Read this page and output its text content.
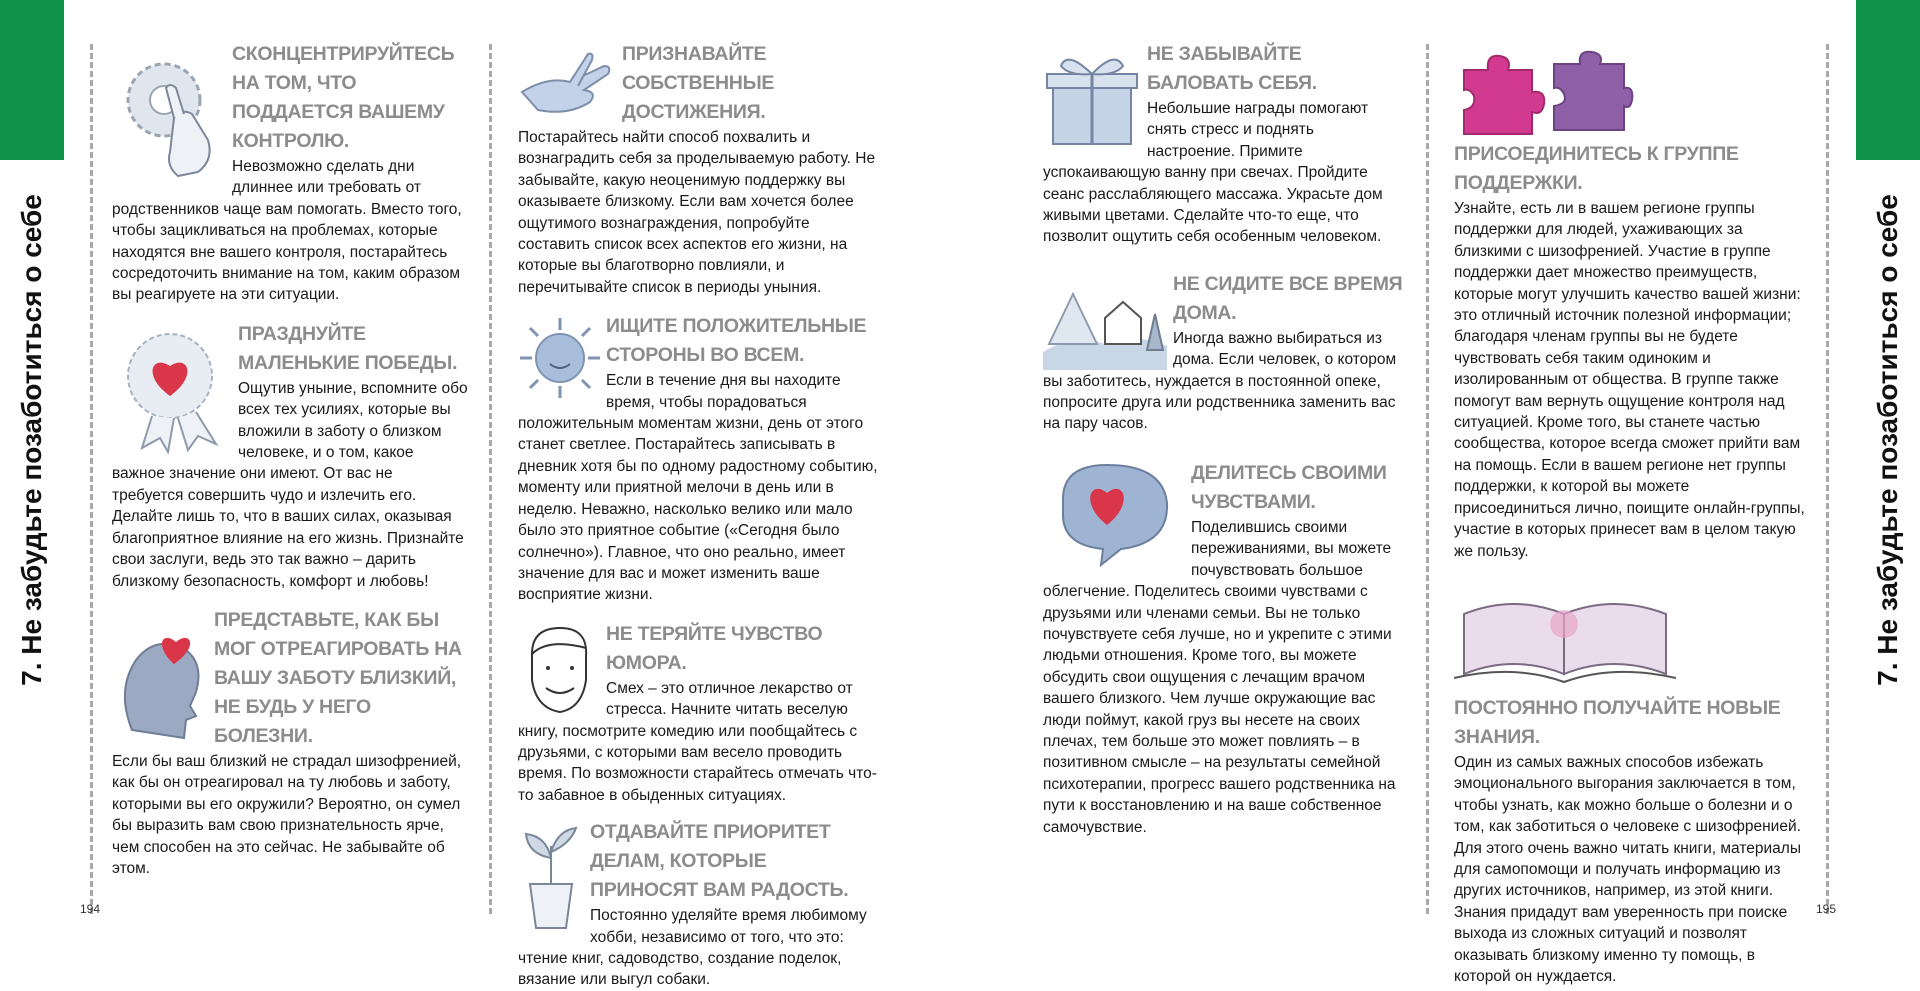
7. Не забудьте позаботиться о себе
СКОНЦЕНТРИРУЙТЕСЬ НА ТОМ, ЧТО ПОДДАЕТСЯ ВАШЕМУ КОНТРОЛЮ.
Невозможно сделать дни длиннее или требовать от родственников чаще вам помогать. Вместо того, чтобы зацикливаться на проблемах, которые находятся вне вашего контроля, постарайтесь сосредоточить внимание на том, каким образом вы реагируете на эти ситуации.
ПРАЗДНУЙТЕ МАЛЕНЬКИЕ ПОБЕДЫ.
Ощутив уныние, вспомните обо всех тех усилиях, которые вы вложили в заботу о близком человеке, и о том, какое важное значение они имеют. От вас не требуется совершить чудо и излечить его. Делайте лишь то, что в ваших силах, оказывая благоприятное влияние на его жизнь. Признайте свои заслуги, ведь это так важно – дарить близкому безопасность, комфорт и любовь!
ПРЕДСТАВЬТЕ, КАК БЫ МОГ ОТРЕАГИРОВАТЬ НА ВАШУ ЗАБОТУ БЛИЗКИЙ, НЕ БУДЬ У НЕГО БОЛЕЗНИ.
Если бы ваш близкий не страдал шизофренией, как бы он отреагировал на ту любовь и заботу, которыми вы его окружили? Вероятно, он сумел бы выразить вам свою признательность ярче, чем способен на это сейчас. Не забывайте об этом.
ПРИЗНАВАЙТЕ СОБСТВЕННЫЕ ДОСТИЖЕНИЯ.
Постарайтесь найти способ похвалить и вознаградить себя за проделываемую работу. Не забывайте, какую неоценимую поддержку вы оказываете близкому. Если вам хочется более ощутимого вознаграждения, попробуйте составить список всех аспектов его жизни, на которые вы благотворно повлияли, и перечитывайте список в периоды уныния.
ИЩИТЕ ПОЛОЖИТЕЛЬНЫЕ СТОРОНЫ ВО ВСЕМ.
Если в течение дня вы находите время, чтобы порадоваться положительным моментам жизни, день от этого станет светлее. Постарайтесь записывать в дневник хотя бы по одному радостному событию, моменту или приятной мелочи в день или в неделю. Неважно, насколько велико или мало было это приятное событие («Сегодня было солнечно»). Главное, что оно реально, имеет значение для вас и может изменить ваше восприятие жизни.
НЕ ТЕРЯЙТЕ ЧУВСТВО ЮМОРА.
Смех – это отличное лекарство от стресса. Начните читать веселую книгу, посмотрите комедию или пообщайтесь с друзьями, с которыми вам весело проводить время. По возможности старайтесь отмечать что-то забавное в обыденных ситуациях.
ОТДАВАЙТЕ ПРИОРИТЕТ ДЕЛАМ, КОТОРЫЕ ПРИНОСЯТ ВАМ РАДОСТЬ.
Постоянно уделяйте время любимому хобби, независимо от того, что это: чтение книг, садоводство, создание поделок, вязание или выгул собаки.
194
7. Не забудьте позаботиться о себе
НЕ ЗАБЫВАЙТЕ БАЛОВАТЬ СЕБЯ.
Небольшие награды помогают снять стресс и поднять настроение. Примите успокаивающую ванну при свечах. Пройдите сеанс расслабляющего массажа. Украсьте дом живыми цветами. Сделайте что-то еще, что позволит ощутить себя особенным человеком.
НЕ СИДИТЕ ВСЕ ВРЕМЯ ДОМА.
Иногда важно выбираться из дома. Если человек, о котором вы заботитесь, нуждается в постоянной опеке, попросите друга или родственника заменить вас на пару часов.
ДЕЛИТЕСЬ СВОИМИ ЧУВСТВАМИ.
Поделившись своими переживаниями, вы можете почувствовать большое облегчение. Поделитесь своими чувствами с друзьями или членами семьи. Вы не только почувствуете себя лучше, но и укрепите с этими людьми отношения. Кроме того, вы можете обсудить свои ощущения с лечащим врачом вашего близкого. Чем лучше окружающие вас люди поймут, какой груз вы несете на своих плечах, тем больше это может повлиять – в позитивном смысле – на результаты семейной психотерапии, прогресс вашего родственника на пути к восстановлению и на ваше собственное самочувствие.
ПРИСОЕДИНИТЕСЬ К ГРУППЕ ПОДДЕРЖКИ.
Узнайте, есть ли в вашем регионе группы поддержки для людей, ухаживающих за близкими с шизофренией. Участие в группе поддержки дает множество преимуществ, которые могут улучшить качество вашей жизни: это отличный источник полезной информации; благодаря членам группы вы не будете чувствовать себя таким одиноким и изолированным от общества. В группе также помогут вам вернуть ощущение контроля над ситуацией. Кроме того, вы станете частью сообщества, которое всегда сможет прийти вам на помощь. Если в вашем регионе нет группы поддержки, к которой вы можете присоединиться лично, поищите онлайн-группы, участие в которых принесет вам в целом такую же пользу.
ПОСТОЯННО ПОЛУЧАЙТЕ НОВЫЕ ЗНАНИЯ.
Один из самых важных способов избежать эмоционального выгорания заключается в том, чтобы узнать, как можно больше о болезни и о том, как заботиться о человеке с шизофренией. Для этого очень важно читать книги, материалы для самопомощи и получать информацию из других источников, например, из этой книги. Знания придадут вам уверенность при поиске выхода из сложных ситуаций и позволят оказывать близкому именно ту помощь, в которой он нуждается.
195
